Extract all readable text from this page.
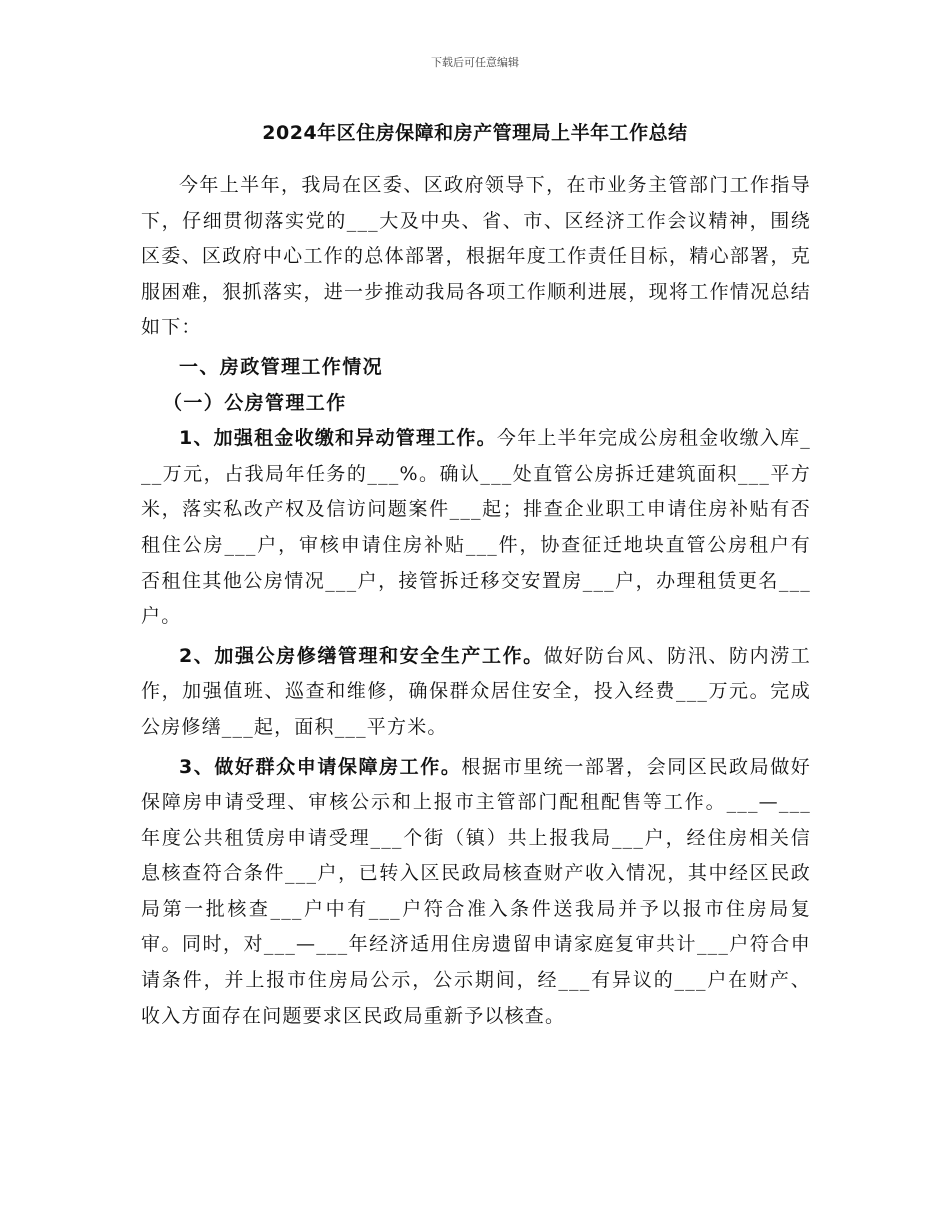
下载后可任意编辑
2024年区住房保障和房产管理局上半年工作总结

今年上半年，我局在区委、区政府领导下，在市业务主管部门工作指导下，仔细贯彻落实党的___大及中央、省、市、区经济工作会议精神，围绕区委、区政府中心工作的总体部署，根据年度工作责任目标，精心部署，克服困难，狠抓落实，进一步推动我局各项工作顺利进展，现将工作情况总结如下：

一、房政管理工作情况

（一）公房管理工作

1、加强租金收缴和异动管理工作。今年上半年完成公房租金收缴入库___万元，占我局年任务的___%。确认___处直管公房拆迁建筑面积___平方米，落实私改产权及信访问题案件___起；排查企业职工申请住房补贴有否租住公房___户，审核申请住房补贴___件，协查征迁地块直管公房租户有否租住其他公房情况___户，接管拆迁移交安置房___户，办理租赁更名___户。

2、加强公房修缮管理和安全生产工作。做好防台风、防汛、防内涝工作，加强值班、巡查和维修，确保群众居住安全，投入经费___万元。完成公房修缮___起，面积___平方米。

3、做好群众申请保障房工作。根据市里统一部署，会同区民政局做好保障房申请受理、审核公示和上报市主管部门配租配售等工作。___—___年度公共租赁房申请受理___个街（镇）共上报我局___户，经住房相关信息核查符合条件___户，已转入区民政局核查财产收入情况，其中经区民政局第一批核查___户中有___户符合准入条件送我局并予以报市住房局复审。同时，对___—___年经济适用住房遗留申请家庭复审共计___户符合申请条件，并上报市住房局公示，公示期间，经___有异议的___户在财产、收入方面存在问题要求区民政局重新予以核查。
